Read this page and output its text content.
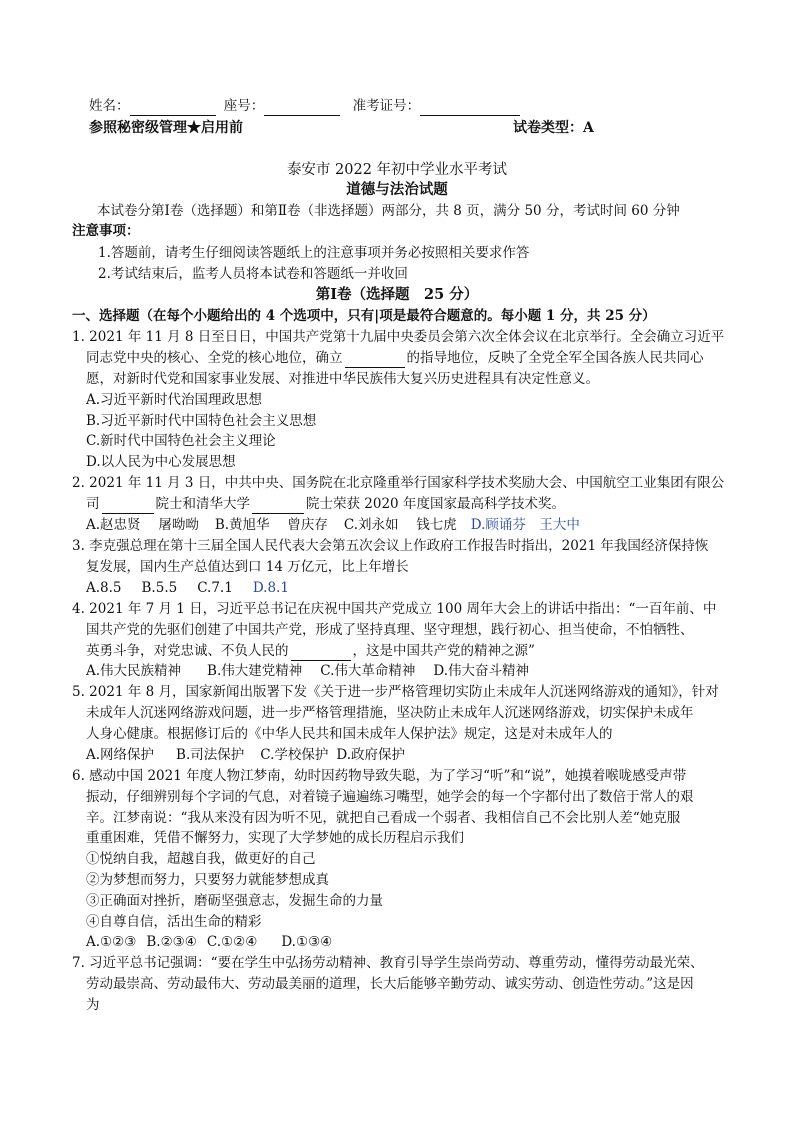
姓名：	座号：	准考证号：
参照秘密级管理★启用前	试卷类型：A
泰安市 2022 年初中学业水平考试
道德与法治试题
本试卷分第Ⅰ卷（选择题）和第Ⅱ卷（非选择题）两部分，共 8 页，满分 50 分，考试时间 60 分钟
注意事项：
1.答题前，请考生仔细阅读答题纸上的注意事项并务必按照相关要求作答
2.考试结束后，监考人员将本试卷和答题纸一并收回
第Ⅰ卷（选择题　25 分）
一、选择题（在每个小题给出的 4 个选项中，只有|项是最符合题意的。每小题 1 分，共 25 分）
1. 2021 年 11 月 8 日至日日，中国共产党第十九届中央委员会第六次全体会议在北京举行。全会确立习近平
同志党中央的核心、全党的核心地位，确立	的指导地位，反映了全党全军全国各族人民共同心
愿，对新时代党和国家事业发展、对推进中华民族伟大复兴历史进程具有决定性意义。
A.习近平新时代治国理政思想
B.习近平新时代中国特色社会主义思想
C.新时代中国特色社会主义理论
D.以人民为中心发展思想
2. 2021 年 11 月 3 日，中共中央、国务院在北京隆重举行国家科学技术奖励大会、中国航空工业集团有限公
司	院士和清华大学	院士荣获 2020 年度国家最高科学技术奖。
A.赵忠贤　 屠呦呦 B.黄旭华　 曾庆存 C.刘永如　 钱七虎 D.顾诵芬　王大中
3. 李克强总理在第十三届全国人民代表大会第五次会议上作政府工作报告时指出，2021 年我国经济保持恢
复发展，国内生产总值达到口 14 万亿元，比上年增长
A.8.5 B.5.5 C.7.1 D.8.1
4. 2021 年 7 月 1 日，习近平总书记在庆祝中国共产党成立 100 周年大会上的讲话中指出：“一百年前、中
国共产党的先驱们创建了中国共产党，形成了坚持真理、坚守理想，践行初心、担当使命，不怕牺牲、
英勇斗争，对党忠诚、不负人民的	，这是中国共产党的精神之源”
A.伟大民族精神 B.伟大建党精神 C.伟大革命精神 D.伟大奋斗精神
5. 2021 年 8 月，国家新闻出版署下发《关于进一步严格管理切实防止未成年人沉迷网络游戏的通知》，针对
未成年人沉迷网络游戏问题，进一步严格管理措施，坚决防止未成年人沉迷网络游戏，切实保护未成年
人身心健康。根据修订后的《中华人民共和国未成年人保护法》规定，这是对未成年人的
A.网络保护 B.司法保护 C.学校保护 D.政府保护
6. 感动中国 2021 年度人物江梦南，幼时因药物导致失聪，为了学习“听”和“说”，她摸着喉咙感受声带
振动，仔细辨别每个字词的气息，对着镜子遍遍练习嘴型，她学会的每一个字都付出了数倍于常人的艰
辛。江梦南说：“我从来没有因为听不见，就把自己看成一个弱者、我相信自己不会比别人差“她克服
重重困难，凭借不懈努力，实现了大学梦她的成长历程启示我们
①悦纳自我，超越自我，做更好的自己
②为梦想而努力，只要努力就能梦想成真
③正确面对挫折，磨砺坚强意志，发掘生命的力量
④自尊自信，活出生命的精彩
A.①②③ B.②③④ C.①②④ D.①③④
7. 习近平总书记强调：“要在学生中弘扬劳动精神、教育引导学生崇尚劳动、尊重劳动，懂得劳动最光荣、
劳动最崇高、劳动最伟大、劳动最美丽的道理，长大后能够辛勤劳动、诚实劳动、创造性劳动。”这是因
为
